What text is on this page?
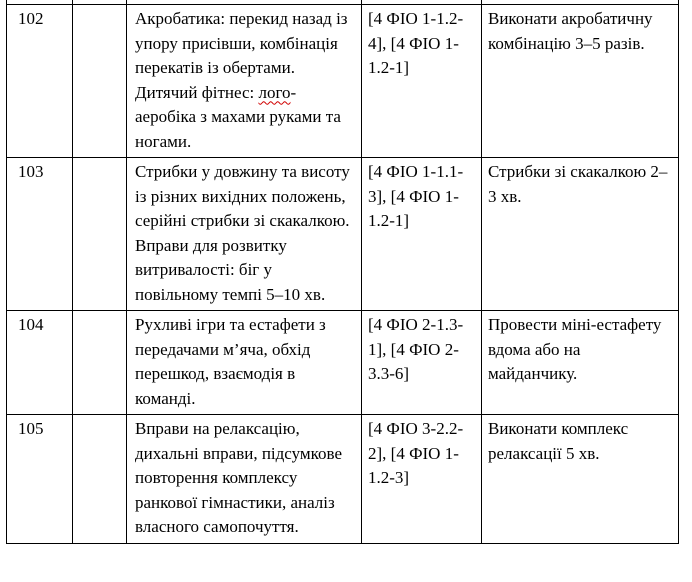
102		Акробатика: перекид назад із упору присівши, комбінація перекатів із обертами. Дитячий фітнес: лого-аеробіка з махами руками та ногами.	[4 ФІО 1-1.2-4], [4 ФІО 1-1.2-1]	Виконати акробатичну комбінацію 3–5 разів.
103		Стрибки у довжину та висоту із різних вихідних положень, серійні стрибки зі скакалкою. Вправи для розвитку витривалості: біг у повільному темпі 5–10 хв.	[4 ФІО 1-1.1-3], [4 ФІО 1-1.2-1]	Стрибки зі скакалкою 2–3 хв.
104		Рухливі ігри та естафети з передачами м’яча, обхід перешкод, взаємодія в команді.	[4 ФІО 2-1.3-1], [4 ФІО 2-3.3-6]	Провести міні-естафету вдома або на майданчику.
105		Вправи на релаксацію, дихальні вправи, підсумкове повторення комплексу ранкової гімнастики, аналіз власного самопочуття.	[4 ФІО 3-2.2-2], [4 ФІО 1-1.2-3]	Виконати комплекс релаксації 5 хв.
